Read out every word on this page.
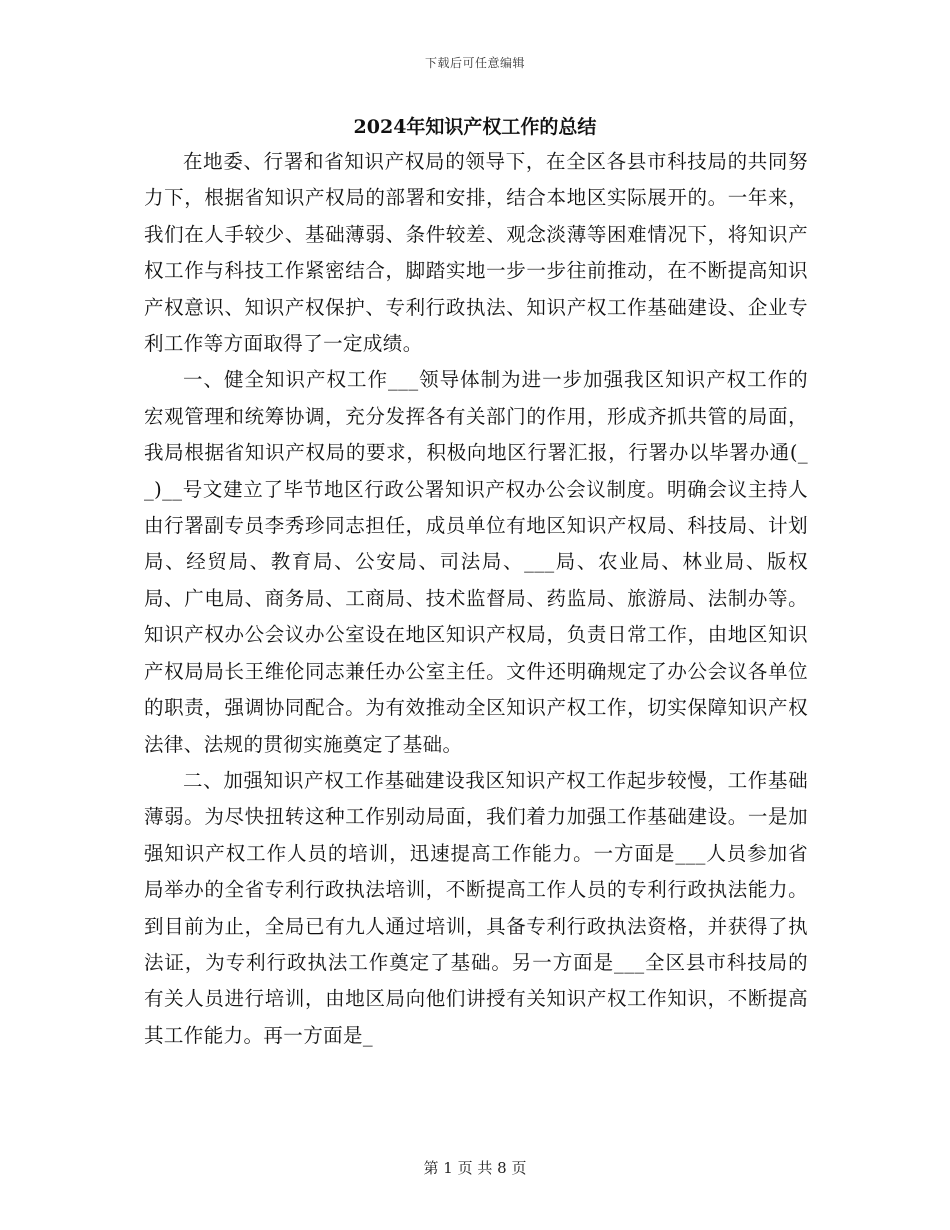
下载后可任意编辑
2024年知识产权工作的总结

在地委、行署和省知识产权局的领导下，在全区各县市科技局的共同努力下，根据省知识产权局的部署和安排，结合本地区实际展开的。一年来，我们在人手较少、基础薄弱、条件较差、观念淡薄等困难情况下，将知识产权工作与科技工作紧密结合，脚踏实地一步一步往前推动，在不断提高知识产权意识、知识产权保护、专利行政执法、知识产权工作基础建设、企业专利工作等方面取得了一定成绩。

一、健全知识产权工作___领导体制为进一步加强我区知识产权工作的宏观管理和统筹协调，充分发挥各有关部门的作用，形成齐抓共管的局面，我局根据省知识产权局的要求，积极向地区行署汇报，行署办以毕署办通(__)__号文建立了毕节地区行政公署知识产权办公会议制度。明确会议主持人由行署副专员李秀珍同志担任，成员单位有地区知识产权局、科技局、计划局、经贸局、教育局、公安局、司法局、___局、农业局、林业局、版权局、广电局、商务局、工商局、技术监督局、药监局、旅游局、法制办等。知识产权办公会议办公室设在地区知识产权局，负责日常工作，由地区知识产权局局长王维伦同志兼任办公室主任。文件还明确规定了办公会议各单位的职责，强调协同配合。为有效推动全区知识产权工作，切实保障知识产权法律、法规的贯彻实施奠定了基础。

二、加强知识产权工作基础建设我区知识产权工作起步较慢，工作基础薄弱。为尽快扭转这种工作别动局面，我们着力加强工作基础建设。一是加强知识产权工作人员的培训，迅速提高工作能力。一方面是___人员参加省局举办的全省专利行政执法培训，不断提高工作人员的专利行政执法能力。到目前为止，全局已有九人通过培训，具备专利行政执法资格，并获得了执法证，为专利行政执法工作奠定了基础。另一方面是___全区县市科技局的有关人员进行培训，由地区局向他们讲授有关知识产权工作知识，不断提高其工作能力。再一方面是_

第 1 页 共 8 页
